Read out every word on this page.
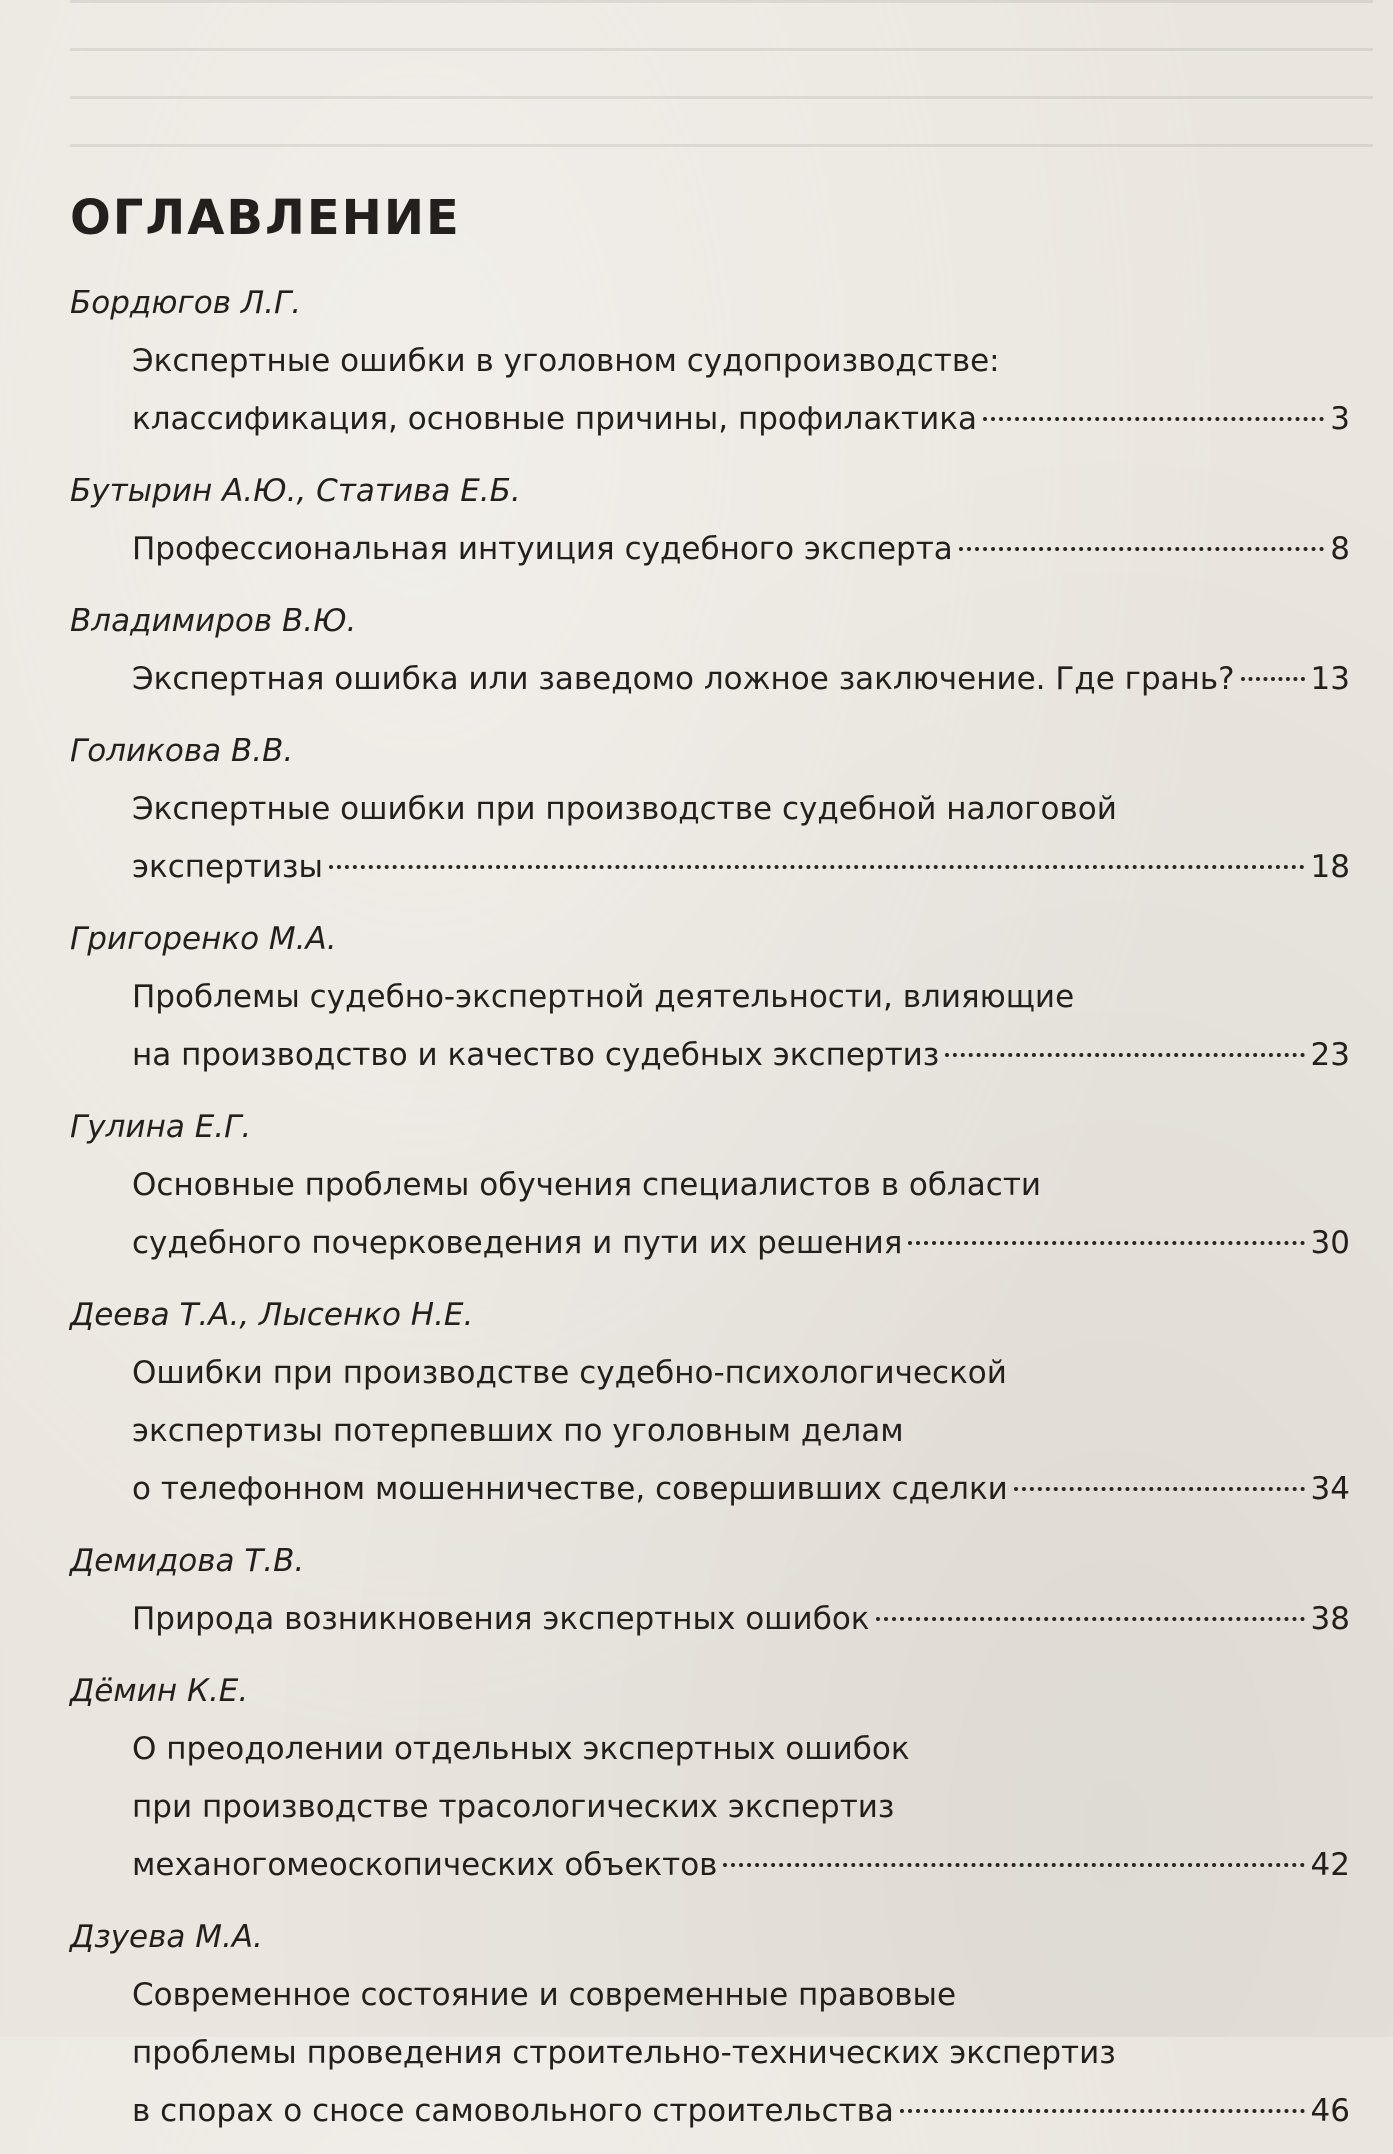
ОГЛАВЛЕНИЕ
Бордюгов Л.Г.
Экспертные ошибки в уголовном судопроизводстве:
классификация, основные причины, профилактика	3
Бутырин А.Ю., Статива Е.Б.
Профессиональная интуиция судебного эксперта	8
Владимиров В.Ю.
Экспертная ошибка или заведомо ложное заключение. Где грань? 13
Голикова В.В.
Экспертные ошибки при производстве судебной налоговой
экспертизы	18
Григоренко М.А.
Проблемы судебно-экспертной деятельности, влияющие
на производство и качество судебных экспертиз	23
Гулина Е.Г.
Основные проблемы обучения специалистов в области
судебного почерковедения и пути их решения	30
Деева Т.А., Лысенко Н.Е.
Ошибки при производстве судебно-психологической
экспертизы потерпевших по уголовным делам
о телефонном мошенничестве, совершивших сделки	34
Демидова Т.В.
Природа возникновения экспертных ошибок	38
Дёмин К.Е.
О преодолении отдельных экспертных ошибок
при производстве трасологических экспертиз
механогомеоскопических объектов	42
Дзуева М.А.
Современное состояние и современные правовые
проблемы проведения строительно-технических экспертиз
в спорах о сносе самовольного строительства	46
